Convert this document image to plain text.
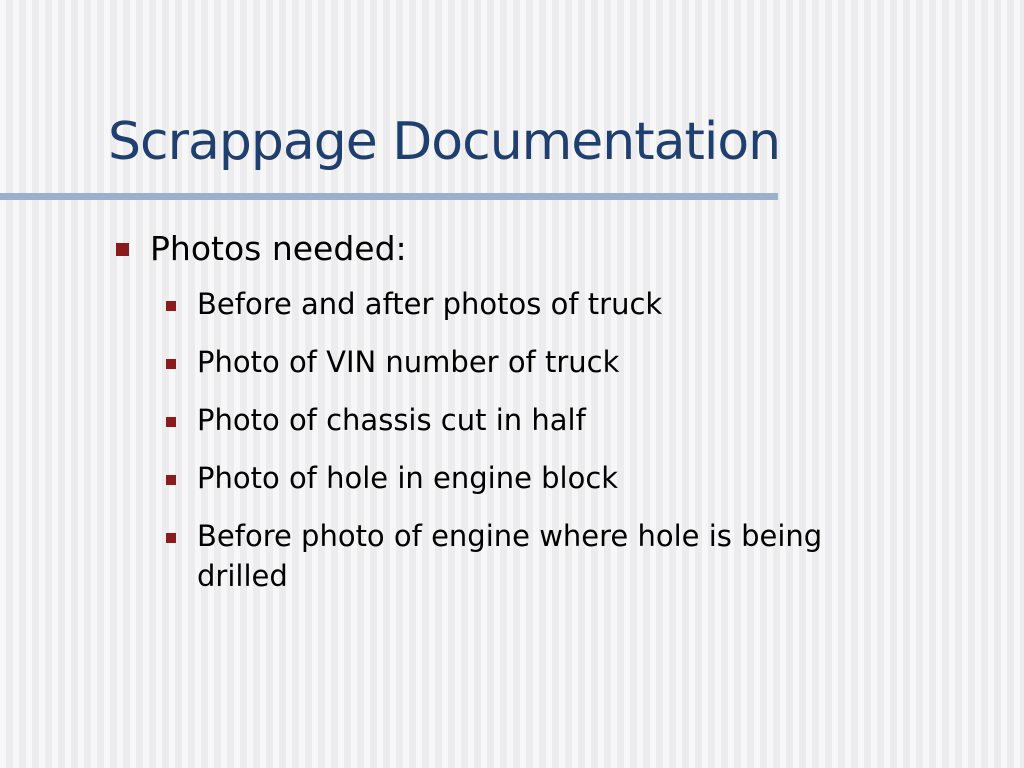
Scrappage Documentation
Photos needed:
Before and after photos of truck
Photo of VIN number of truck
Photo of chassis cut in half
Photo of hole in engine block
Before photo of engine where hole is being drilled
